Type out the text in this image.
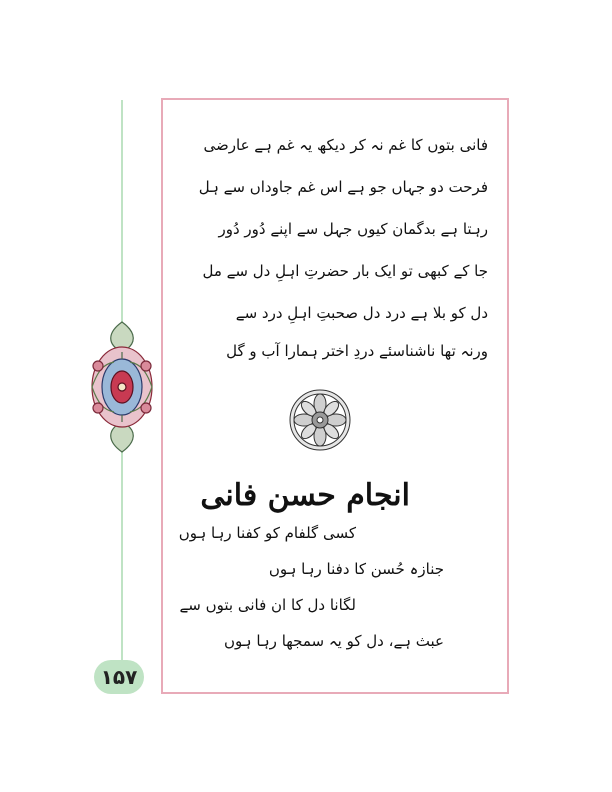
فانی بتوں کا غم نہ کر دیکھ یہ غم ہے عارضی
فرحت دو جہاں جو ہے اس غم جاوداں سے ہل
رہتا ہے بدگمان کیوں جہل سے اپنے دُور دُور
جا کے کبھی تو ایک بار حضرتِ اہلِ دل سے مل
دل کو بلا ہے درد دل صحبتِ اہلِ درد سے
ورنہ تھا ناشناسئے دردِ اختر ہمارا آب و گل
انجام حسن فانی
کسی گلفام کو کفنا رہا ہوں
جنازہ حُسن کا دفنا رہا ہوں
لگانا دل کا ان فانی بتوں سے
عبث ہے، دل کو یہ سمجھا رہا ہوں
۱۵۷
